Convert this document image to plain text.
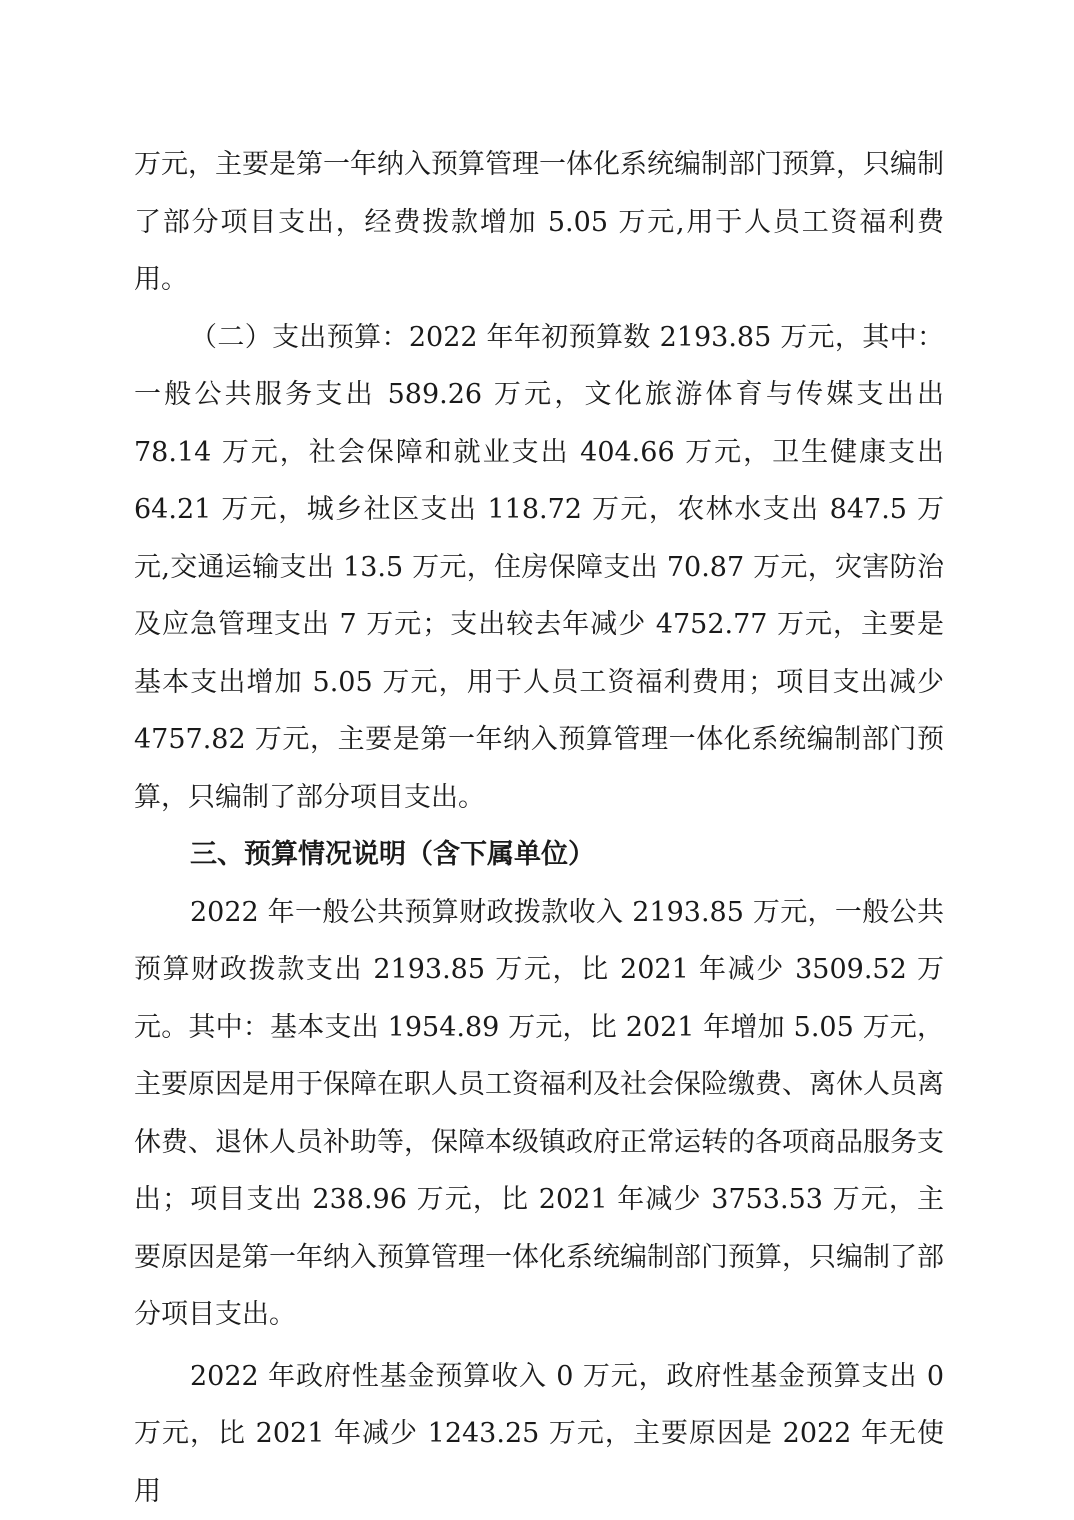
万元，主要是第一年纳入预算管理一体化系统编制部门预算，只编制了部分项目支出，经费拨款增加 5.05 万元,用于人员工资福利费用。

（二）支出预算：2022 年年初预算数 2193.85 万元，其中：一般公共服务支出 589.26 万元，文化旅游体育与传媒支出出 78.14 万元，社会保障和就业支出 404.66 万元，卫生健康支出 64.21 万元，城乡社区支出 118.72 万元，农林水支出 847.5 万元,交通运输支出 13.5 万元，住房保障支出 70.87 万元，灾害防治及应急管理支出 7 万元；支出较去年减少 4752.77 万元，主要是基本支出增加 5.05 万元，用于人员工资福利费用；项目支出减少 4757.82 万元，主要是第一年纳入预算管理一体化系统编制部门预算，只编制了部分项目支出。

三、预算情况说明（含下属单位）

2022 年一般公共预算财政拨款收入 2193.85 万元，一般公共预算财政拨款支出 2193.85 万元，比 2021 年减少 3509.52 万元。其中：基本支出 1954.89 万元，比 2021 年增加 5.05 万元，主要原因是用于保障在职人员工资福利及社会保险缴费、离休人员离休费、退休人员补助等，保障本级镇政府正常运转的各项商品服务支出；项目支出 238.96 万元，比 2021 年减少 3753.53 万元，主要原因是第一年纳入预算管理一体化系统编制部门预算，只编制了部分项目支出。

2022 年政府性基金预算收入 0 万元，政府性基金预算支出 0 万元，比 2021 年减少 1243.25 万元，主要原因是 2022 年无使用
